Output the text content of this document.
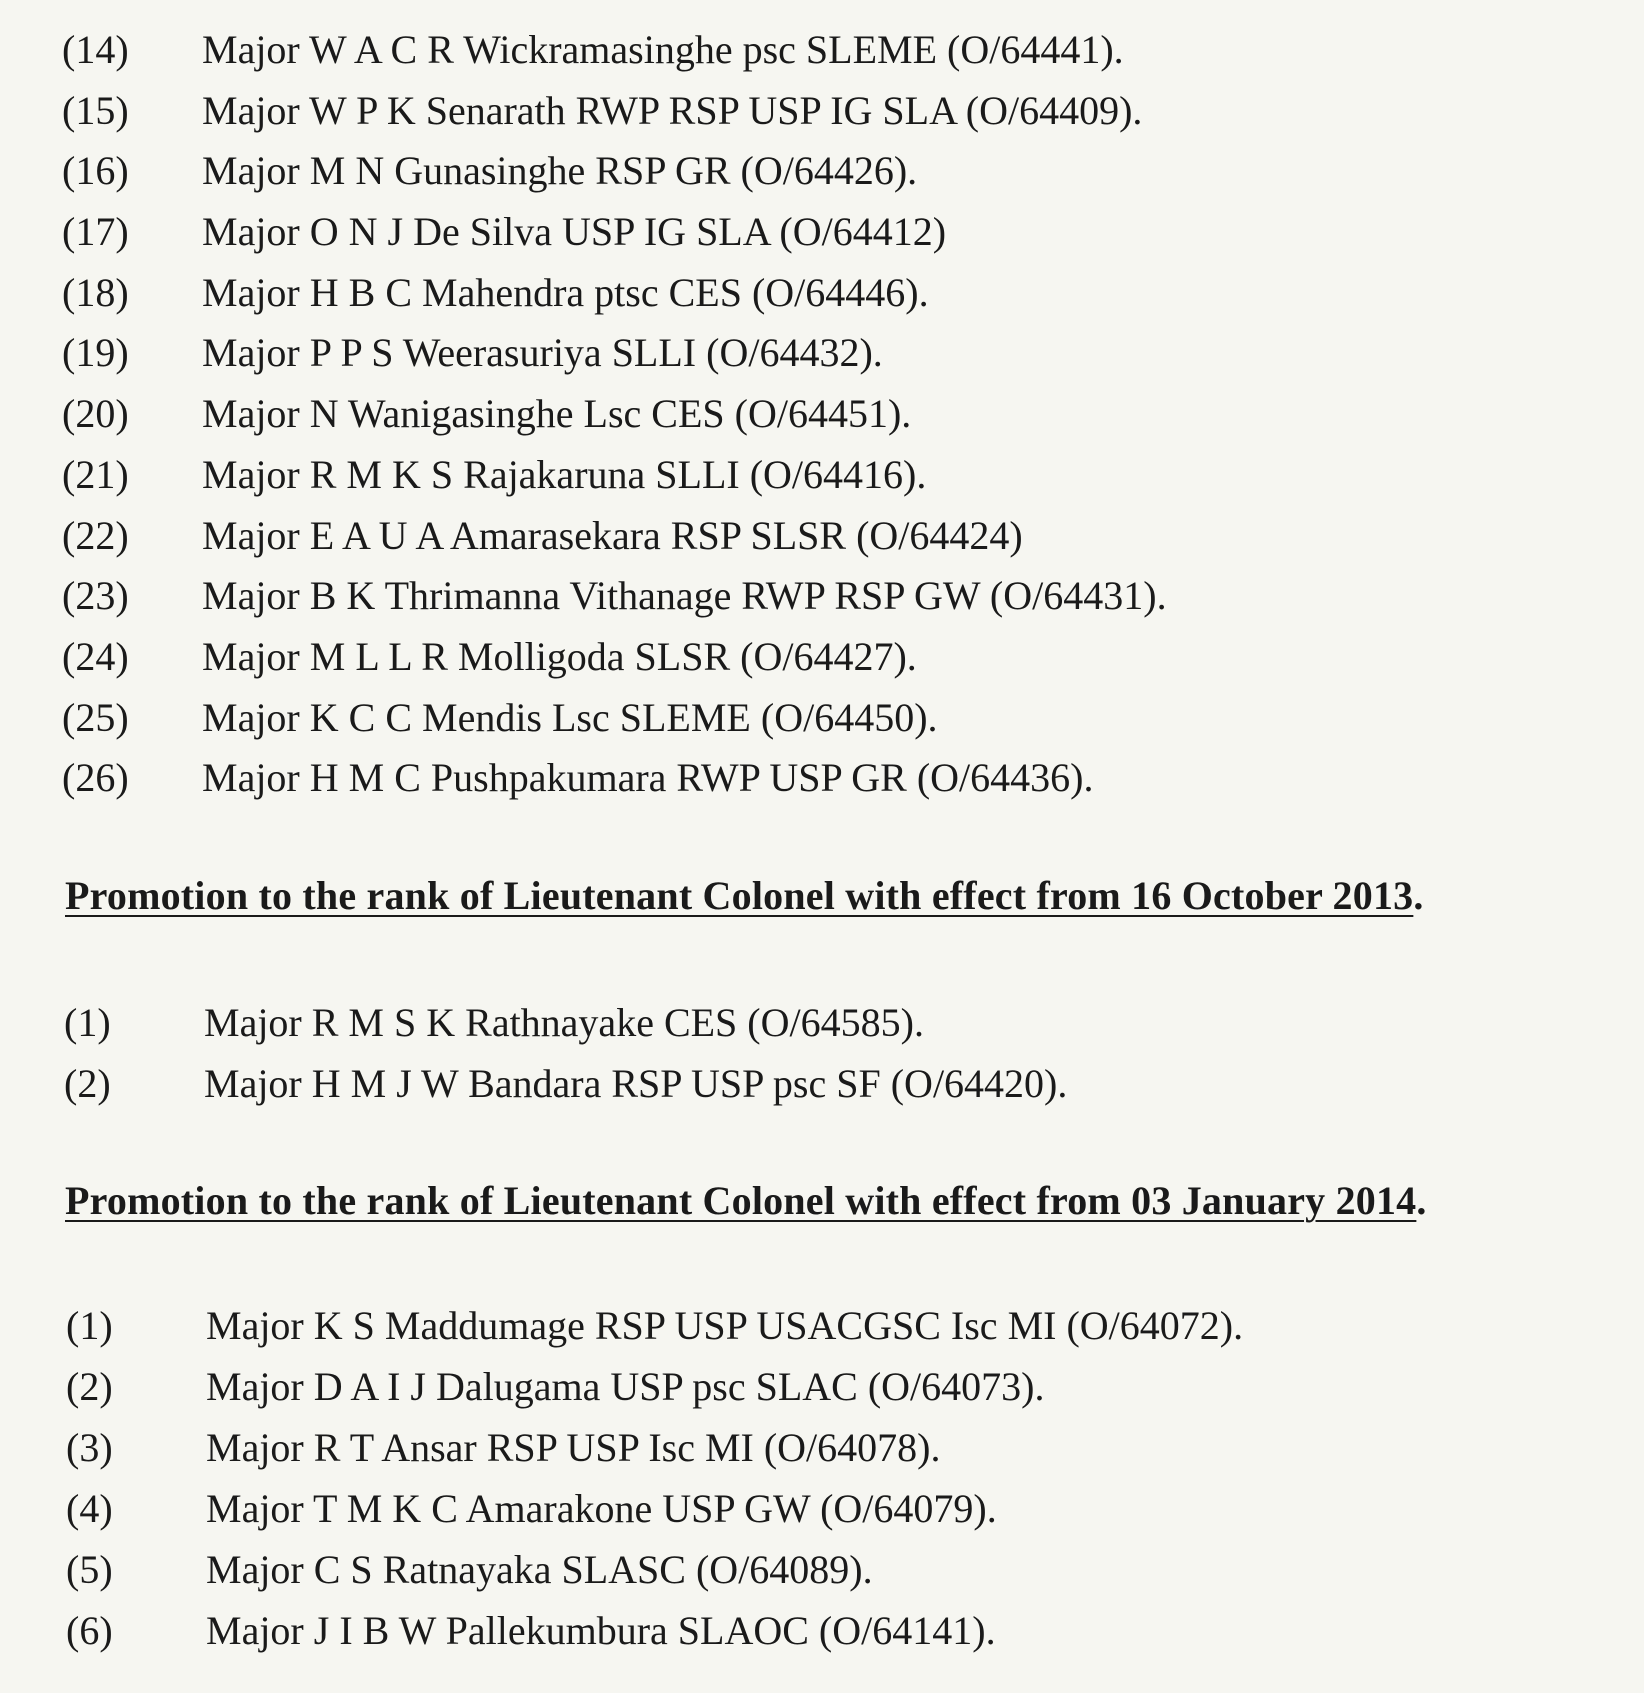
(14)	Major W A C R Wickramasinghe psc SLEME (O/64441).
(15)	Major W P K Senarath RWP RSP USP IG SLA (O/64409).
(16)	Major M N Gunasinghe RSP GR (O/64426).
(17)	Major O N J De Silva USP IG SLA (O/64412)
(18)	Major H B C Mahendra ptsc CES (O/64446).
(19)	Major P P S Weerasuriya SLLI (O/64432).
(20)	Major N Wanigasinghe Lsc CES (O/64451).
(21)	Major R M K S Rajakaruna SLLI (O/64416).
(22)	Major E A U A Amarasekara RSP SLSR (O/64424)
(23)	Major B K Thrimanna Vithanage RWP RSP GW (O/64431).
(24)	Major M L L R Molligoda SLSR (O/64427).
(25)	Major K C C Mendis Lsc SLEME (O/64450).
(26)	Major H M C Pushpakumara RWP USP GR (O/64436).
Promotion to the rank of Lieutenant Colonel with effect from 16 October 2013.
(1)	Major R M S K Rathnayake CES (O/64585).
(2)	Major H M J W Bandara RSP USP psc SF (O/64420).
Promotion to the rank of Lieutenant Colonel with effect from 03 January 2014.
(1)	Major K S Maddumage RSP USP USACGSC Isc MI (O/64072).
(2)	Major D A I J Dalugama USP psc SLAC (O/64073).
(3)	Major R T Ansar RSP USP Isc MI (O/64078).
(4)	Major T M K C Amarakone USP GW (O/64079).
(5)	Major C S Ratnayaka SLASC (O/64089).
(6)	Major J I B W Pallekumbura SLAOC (O/64141).
